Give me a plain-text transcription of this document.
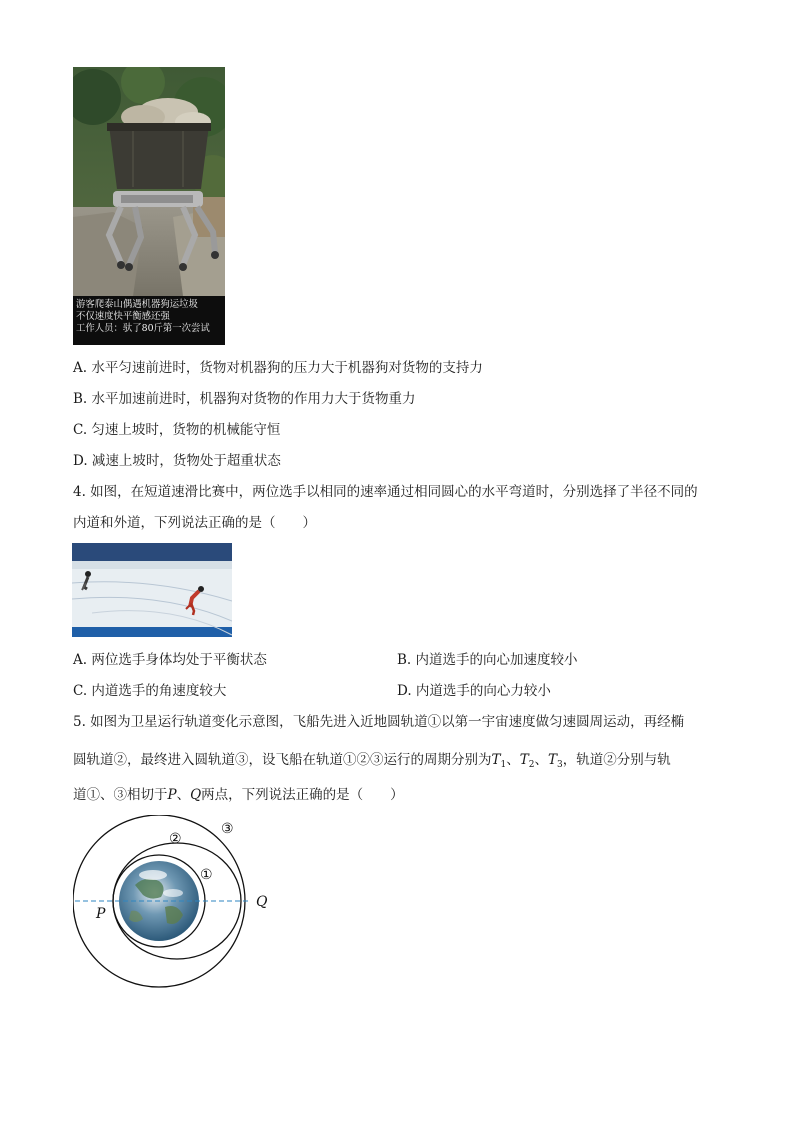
游客爬泰山偶遇机器狗运垃圾
不仅速度快平衡感还强
工作人员：驮了80斤第一次尝试
A. 水平匀速前进时，货物对机器狗的压力大于机器狗对货物的支持力
B. 水平加速前进时，机器狗对货物的作用力大于货物重力
C. 匀速上坡时，货物的机械能守恒
D. 减速上坡时，货物处于超重状态
4. 如图，在短道速滑比赛中，两位选手以相同的速率通过相同圆心的水平弯道时，分别选择了半径不同的
内道和外道，下列说法正确的是（　　）
A. 两位选手身体均处于平衡状态	B. 内道选手的向心加速度较小
C. 内道选手的角速度较大	D. 内道选手的向心力较小
5. 如图为卫星运行轨道变化示意图，飞船先进入近地圆轨道①以第一宇宙速度做匀速圆周运动，再经椭
圆轨道②，最终进入圆轨道③，设飞船在轨道①②③运行的周期分别为$T_1$、$T_2$、$T_3$，轨道②分别与轨
道①、③相切于P、Q两点，下列说法正确的是（　　）
②
③
①
P
Q
